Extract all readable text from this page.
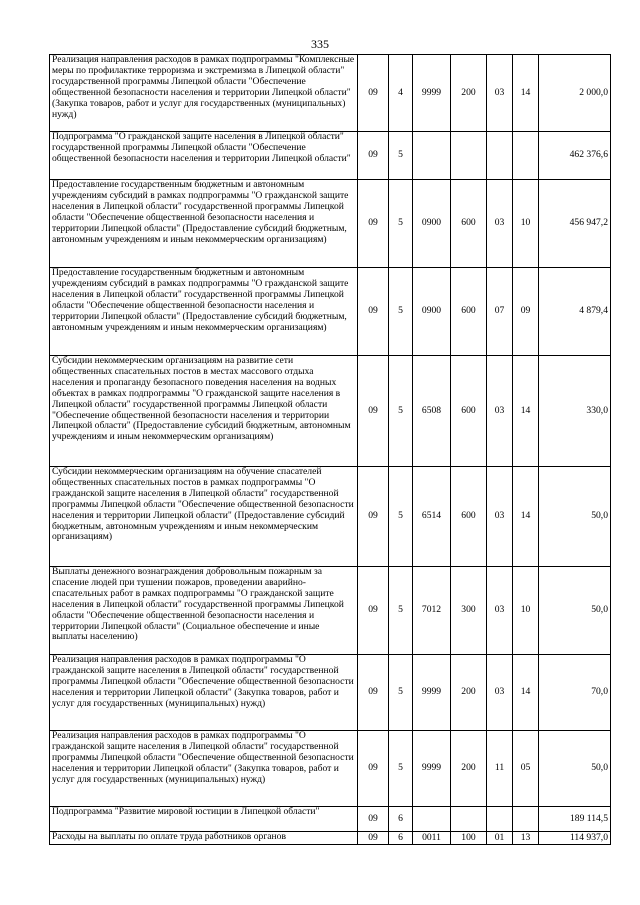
335
Реализация направления расходов в рамках подпрограммы "Комплексные меры по профилактике терроризма и экстремизма в Липецкой области" государственной программы Липецкой области "Обеспечение общественной безопасности населения и территории Липецкой области" (Закупка товаров, работ и услуг для государственных (муниципальных) нужд)	09	4	9999	200	03	14	2 000,0
Подпрограмма "О гражданской защите населения в Липецкой области" государственной программы Липецкой области "Обеспечение общественной безопасности населения и территории Липецкой области"	09	5					462 376,6
Предоставление государственным бюджетным и автономным учреждениям субсидий в рамках подпрограммы "О гражданской защите населения в Липецкой области" государственной программы Липецкой области "Обеспечение общественной безопасности населения и территории Липецкой области" (Предоставление субсидий бюджетным, автономным учреждениям и иным некоммерческим организациям)	09	5	0900	600	03	10	456 947,2
Предоставление государственным бюджетным и автономным учреждениям субсидий в рамках подпрограммы "О гражданской защите населения в Липецкой области" государственной программы Липецкой области "Обеспечение общественной безопасности населения и территории Липецкой области" (Предоставление субсидий бюджетным, автономным учреждениям и иным некоммерческим организациям)	09	5	0900	600	07	09	4 879,4
Субсидии некоммерческим организациям на развитие сети общественных спасательных постов в местах массового отдыха населения и пропаганду безопасного поведения населения на водных объектах в рамках подпрограммы "О гражданской защите населения в Липецкой области" государственной программы Липецкой области "Обеспечение общественной безопасности населения и территории Липецкой области" (Предоставление субсидий бюджетным, автономным учреждениям и иным некоммерческим организациям)	09	5	6508	600	03	14	330,0
Субсидии некоммерческим организациям на обучение спасателей общественных спасательных постов в рамках подпрограммы "О гражданской защите населения в Липецкой области" государственной программы Липецкой области "Обеспечение общественной безопасности населения и территории Липецкой области" (Предоставление субсидий бюджетным, автономным учреждениям и иным некоммерческим организациям)	09	5	6514	600	03	14	50,0
Выплаты денежного вознаграждения добровольным пожарным за спасение людей при тушении пожаров, проведении аварийно-спасательных работ в рамках подпрограммы "О гражданской защите населения в Липецкой области" государственной программы Липецкой области "Обеспечение общественной безопасности населения и территории Липецкой области" (Социальное обеспечение и иные выплаты населению)	09	5	7012	300	03	10	50,0
Реализация направления расходов в рамках подпрограммы "О гражданской защите населения в Липецкой области" государственной программы Липецкой области "Обеспечение общественной безопасности населения и территории Липецкой области" (Закупка товаров, работ и услуг для государственных (муниципальных) нужд)	09	5	9999	200	03	14	70,0
Реализация направления расходов в рамках подпрограммы "О гражданской защите населения в Липецкой области" государственной программы Липецкой области "Обеспечение общественной безопасности населения и территории Липецкой области" (Закупка товаров, работ и услуг для государственных (муниципальных) нужд)	09	5	9999	200	11	05	50,0
Подпрограмма "Развитие мировой юстиции в Липецкой области"	09	6					189 114,5
Расходы на выплаты по оплате труда работников органов	09	6	0011	100	01	13	114 937,0
